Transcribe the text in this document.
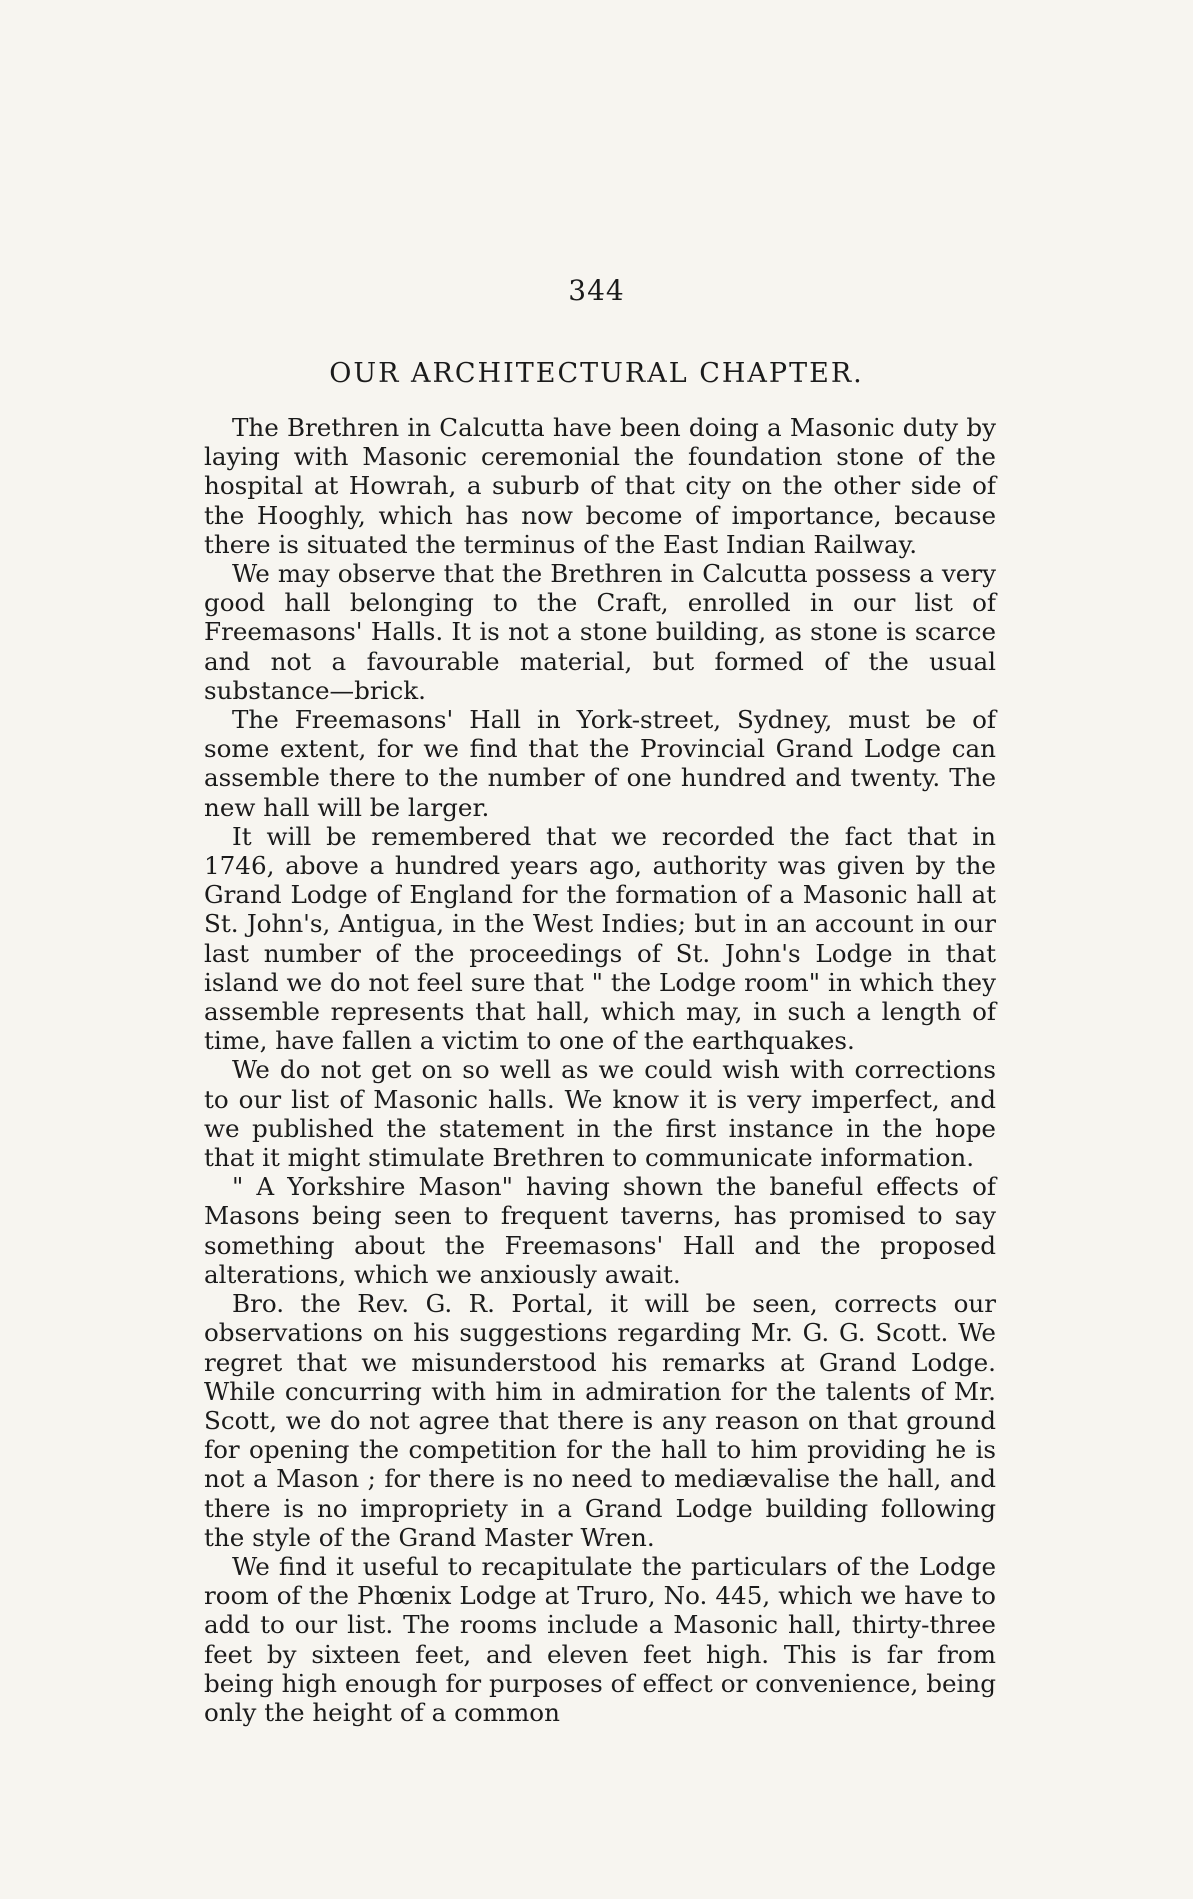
344
OUR ARCHITECTURAL CHAPTER.

The Brethren in Calcutta have been doing a Masonic duty by laying with Masonic ceremonial the foundation stone of the hospital at Howrah, a suburb of that city on the other side of the Hooghly, which has now become of importance, because there is situated the terminus of the East Indian Railway.

We may observe that the Brethren in Calcutta possess a very good hall belonging to the Craft, enrolled in our list of Freemasons' Halls. It is not a stone building, as stone is scarce and not a favourable material, but formed of the usual substance—brick.

The Freemasons' Hall in York-street, Sydney, must be of some extent, for we find that the Provincial Grand Lodge can assemble there to the number of one hundred and twenty. The new hall will be larger.

It will be remembered that we recorded the fact that in 1746, above a hundred years ago, authority was given by the Grand Lodge of England for the formation of a Masonic hall at St. John's, Antigua, in the West Indies; but in an account in our last number of the proceedings of St. John's Lodge in that island we do not feel sure that " the Lodge room" in which they assemble represents that hall, which may, in such a length of time, have fallen a victim to one of the earthquakes.

We do not get on so well as we could wish with corrections to our list of Masonic halls. We know it is very imperfect, and we published the statement in the first instance in the hope that it might stimulate Brethren to communicate information.

" A Yorkshire Mason" having shown the baneful effects of Masons being seen to frequent taverns, has promised to say something about the Freemasons' Hall and the proposed alterations, which we anxiously await.

Bro. the Rev. G. R. Portal, it will be seen, corrects our observations on his suggestions regarding Mr. G. G. Scott. We regret that we misunderstood his remarks at Grand Lodge. While concurring with him in admiration for the talents of Mr. Scott, we do not agree that there is any reason on that ground for opening the competition for the hall to him providing he is not a Mason ; for there is no need to mediævalise the hall, and there is no impropriety in a Grand Lodge building following the style of the Grand Master Wren.

We find it useful to recapitulate the particulars of the Lodge room of the Phœnix Lodge at Truro, No. 445, which we have to add to our list. The rooms include a Masonic hall, thirty-three feet by sixteen feet, and eleven feet high. This is far from being high enough for purposes of effect or convenience, being only the height of a common
